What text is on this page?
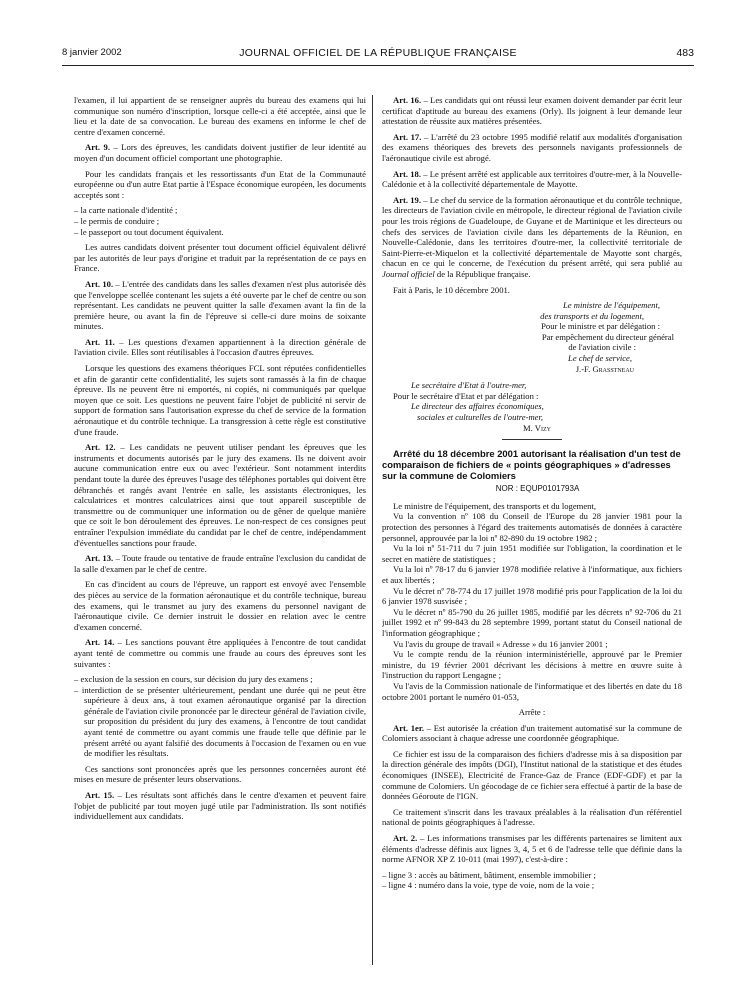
8 janvier 2002	JOURNAL OFFICIEL DE LA RÉPUBLIQUE FRANÇAISE	483

l'examen, il lui appartient de se renseigner auprès du bureau des examens qui lui communique son numéro d'inscription, lorsque celle-ci a été acceptée, ainsi que le lieu et la date de sa convocation. Le bureau des examens en informe le chef de centre d'examen concerné.

Art. 9. – Lors des épreuves, les candidats doivent justifier de leur identité au moyen d'un document officiel comportant une photographie.

Pour les candidats français et les ressortissants d'un Etat de la Communauté européenne ou d'un autre Etat partie à l'Espace économique européen, les documents acceptés sont :

– la carte nationale d'identité ;
– le permis de conduire ;
– le passeport ou tout document équivalent.

Les autres candidats doivent présenter tout document officiel équivalent délivré par les autorités de leur pays d'origine et traduit par la représentation de ce pays en France.

Art. 10. – L'entrée des candidats dans les salles d'examen n'est plus autorisée dès que l'enveloppe scellée contenant les sujets a été ouverte par le chef de centre ou son représentant. Les candidats ne peuvent quitter la salle d'examen avant la fin de la première heure, ou avant la fin de l'épreuve si celle-ci dure moins de soixante minutes.

Art. 11. – Les questions d'examen appartiennent à la direction générale de l'aviation civile. Elles sont réutilisables à l'occasion d'autres épreuves.

Lorsque les questions des examens théoriques FCL sont réputées confidentielles et afin de garantir cette confidentialité, les sujets sont ramassés à la fin de chaque épreuve. Ils ne peuvent être ni emportés, ni copiés, ni communiqués par quelque moyen que ce soit. Les questions ne peuvent faire l'objet de publicité ni servir de support de formation sans l'autorisation expresse du chef de service de la formation aéronautique et du contrôle technique. La transgression à cette règle est constitutive d'une fraude.

Art. 12. – Les candidats ne peuvent utiliser pendant les épreuves que les instruments et documents autorisés par le jury des examens. Ils ne doivent avoir aucune communication entre eux ou avec l'extérieur. Sont notamment interdits pendant toute la durée des épreuves l'usage des téléphones portables qui doivent être débranchés et rangés avant l'entrée en salle, les assistants électroniques, les calculatrices et montres calculatrices ainsi que tout appareil susceptible de transmettre ou de communiquer une information ou de gêner de quelque manière que ce soit le bon déroulement des épreuves. Le non-respect de ces consignes peut entraîner l'expulsion immédiate du candidat par le chef de centre, indépendamment d'éventuelles sanctions pour fraude.

Art. 13. – Toute fraude ou tentative de fraude entraîne l'exclusion du candidat de la salle d'examen par le chef de centre.

En cas d'incident au cours de l'épreuve, un rapport est envoyé avec l'ensemble des pièces au service de la formation aéronautique et du contrôle technique, bureau des examens, qui le transmet au jury des examens du personnel navigant de l'aéronautique civile. Ce dernier instruit le dossier en relation avec le centre d'examen concerné.

Art. 14. – Les sanctions pouvant être appliquées à l'encontre de tout candidat ayant tenté de commettre ou commis une fraude au cours des épreuves sont les suivantes :

– exclusion de la session en cours, sur décision du jury des examens ;
– interdiction de se présenter ultérieurement, pendant une durée qui ne peut être supérieure à deux ans, à tout examen aéronautique organisé par la direction générale de l'aviation civile prononcée par le directeur général de l'aviation civile, sur proposition du président du jury des examens, à l'encontre de tout candidat ayant tenté de commettre ou ayant commis une fraude telle que définie par le présent arrêté ou ayant falsifié des documents à l'occasion de l'examen ou en vue de modifier les résultats.

Ces sanctions sont prononcées après que les personnes concernées auront été mises en mesure de présenter leurs observations.

Art. 15. – Les résultats sont affichés dans le centre d'examen et peuvent faire l'objet de publicité par tout moyen jugé utile par l'administration. Ils sont notifiés individuellement aux candidats.

Art. 16. – Les candidats qui ont réussi leur examen doivent demander par écrit leur certificat d'aptitude au bureau des examens (Orly). Ils joignent à leur demande leur attestation de réussite aux matières présentées.

Art. 17. – L'arrêté du 23 octobre 1995 modifié relatif aux modalités d'organisation des examens théoriques des brevets des personnels navigants professionnels de l'aéronautique civile est abrogé.

Art. 18. – Le présent arrêté est applicable aux territoires d'outre-mer, à la Nouvelle-Calédonie et à la collectivité départementale de Mayotte.

Art. 19. – Le chef du service de la formation aéronautique et du contrôle technique, les directeurs de l'aviation civile en métropole, le directeur régional de l'aviation civile pour les trois régions de Guadeloupe, de Guyane et de Martinique et les directeurs ou chefs des services de l'aviation civile dans les départements de la Réunion, en Nouvelle-Calédonie, dans les territoires d'outre-mer, la collectivité territoriale de Saint-Pierre-et-Miquelon et la collectivité départementale de Mayotte sont chargés, chacun en ce qui le concerne, de l'exécution du présent arrêté, qui sera publié au Journal officiel de la République française.

Fait à Paris, le 10 décembre 2001.

Le ministre de l'équipement,

des transports et du logement,

Pour le ministre et par délégation :

Par empêchement du directeur général

de l'aviation civile :

Le chef de service,

J.-F. Grasstneau

Le secrétaire d'Etat à l'outre-mer,

Pour le secrétaire d'Etat et par délégation :

Le directeur des affaires économiques,

sociales et culturelles de l'outre-mer,

M. Vizy

Arrêté du 18 décembre 2001 autorisant la réalisation d'un test de comparaison de fichiers de « points géographiques » d'adresses sur la commune de Colomiers

NOR : EQUP0101793A

Le ministre de l'équipement, des transports et du logement,

Vu la convention nº 108 du Conseil de l'Europe du 28 janvier 1981 pour la protection des personnes à l'égard des traitements automatisés de données à caractère personnel, approuvée par la loi nº 82-890 du 19 octobre 1982 ;

Vu la loi nº 51-711 du 7 juin 1951 modifiée sur l'obligation, la coordination et le secret en matière de statistiques ;

Vu la loi nº 78-17 du 6 janvier 1978 modifiée relative à l'informatique, aux fichiers et aux libertés ;

Vu le décret nº 78-774 du 17 juillet 1978 modifié pris pour l'application de la loi du 6 janvier 1978 susvisée ;

Vu le décret nº 85-790 du 26 juillet 1985, modifié par les décrets nº 92-706 du 21 juillet 1992 et nº 99-843 du 28 septembre 1999, portant statut du Conseil national de l'information géographique ;

Vu l'avis du groupe de travail « Adresse » du 16 janvier 2001 ;

Vu le compte rendu de la réunion interministérielle, approuvé par le Premier ministre, du 19 février 2001 décrivant les décisions à mettre en œuvre suite à l'instruction du rapport Lengagne ;

Vu l'avis de la Commission nationale de l'informatique et des libertés en date du 18 octobre 2001 portant le numéro 01-053,

Arrête :

Art. 1er. – Est autorisée la création d'un traitement automatisé sur la commune de Colomiers associant à chaque adresse une coordonnée géographique.

Ce fichier est issu de la comparaison des fichiers d'adresse mis à sa disposition par la direction générale des impôts (DGI), l'Institut national de la statistique et des études économiques (INSEE), Electricité de France-Gaz de France (EDF-GDF) et par la commune de Colomiers. Un géocodage de ce fichier sera effectué à partir de la base de données Géoroute de l'IGN.

Ce traitement s'inscrit dans les travaux préalables à la réalisation d'un référentiel national de points géographiques à l'adresse.

Art. 2. – Les informations transmises par les différents partenaires se limitent aux éléments d'adresse définis aux lignes 3, 4, 5 et 6 de l'adresse telle que définie dans la norme AFNOR XP Z 10-011 (mai 1997), c'est-à-dire :

– ligne 3 : accès au bâtiment, bâtiment, ensemble immobilier ;
– ligne 4 : numéro dans la voie, type de voie, nom de la voie ;
